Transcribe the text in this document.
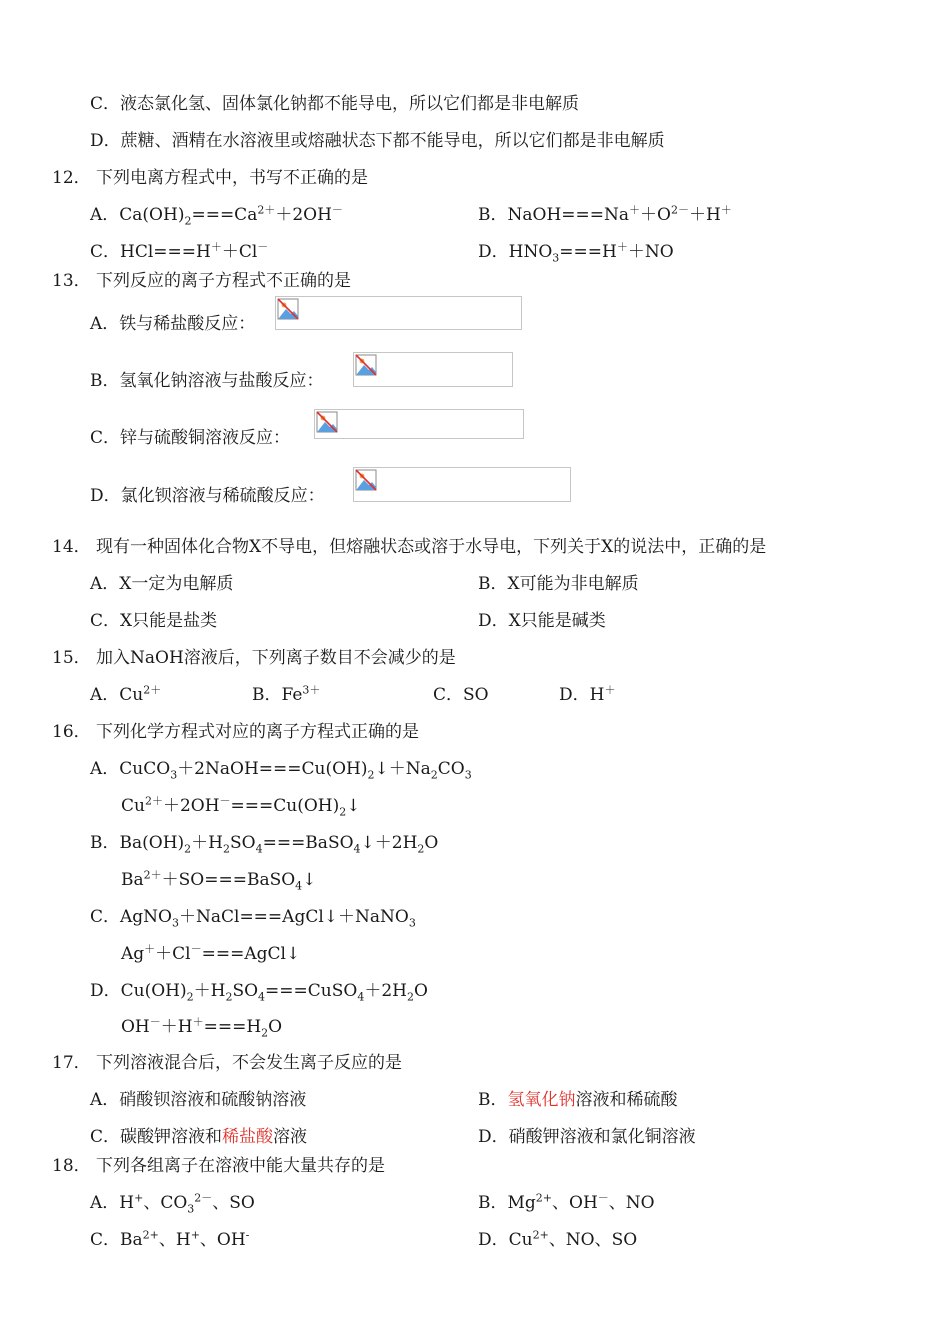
C．液态氯化氢、固体氯化钠都不能导电，所以它们都是非电解质
D．蔗糖、酒精在水溶液里或熔融状态下都不能导电，所以它们都是非电解质
12． 下列电离方程式中，书写不正确的是
A．$Ca(OH)_2===Ca^{2+}+2OH^-$	B．$NaOH===Na^++O^{2-}+H^+$
C．HCl===H＋＋Cl－	D．$HNO_3===H^++NO$
13． 下列反应的离子方程式不正确的是
A．铁与稀盐酸反应：
B．氢氧化钠溶液与盐酸反应：
C．锌与硫酸铜溶液反应：
D．氯化钡溶液与稀硫酸反应：
14． 现有一种固体化合物X不导电，但熔融状态或溶于水导电，下列关于X的说法中，正确的是
A．X一定为电解质	B．X可能为非电解质
C．X只能是盐类	D．X只能是碱类
15． 加入NaOH溶液后，下列离子数目不会减少的是
A．$Cu^{2+}$	B．$Fe^{3+}$	C．SO	D．H＋
16． 下列化学方程式对应的离子方程式正确的是
A．$CuCO_3+2NaOH===Cu(OH)_2↓+Na_2CO_3$
$Cu^{2+}+2OH^-===Cu(OH)_2↓$
B．$Ba(OH)_2+H_2SO_4===BaSO_4↓+2H_2O$
$Ba^{2+}+SO===BaSO_4↓$
C．AgNO$_3$＋NaCl===AgCl↓＋NaNO$_3$
Ag＋＋Cl－===AgCl↓
D．$Cu(OH)_2+H_2SO_4===CuSO_4+2H_2O$
$OH^-+H^+===H_2O$
17． 下列溶液混合后，不会发生离子反应的是
A．硝酸钡溶液和硫酸钠溶液	B．氢氧化钠溶液和稀硫酸
C．碳酸钾溶液和稀盐酸溶液	D．硝酸钾溶液和氯化铜溶液
18． 下列各组离子在溶液中能大量共存的是
A．H+、$CO_3^{2-}$、SO	B．$Mg^{2+}$、OH－、NO
C．$Ba^{2+}$、H+、OH-	D．$Cu^{2+}$、NO、SO
